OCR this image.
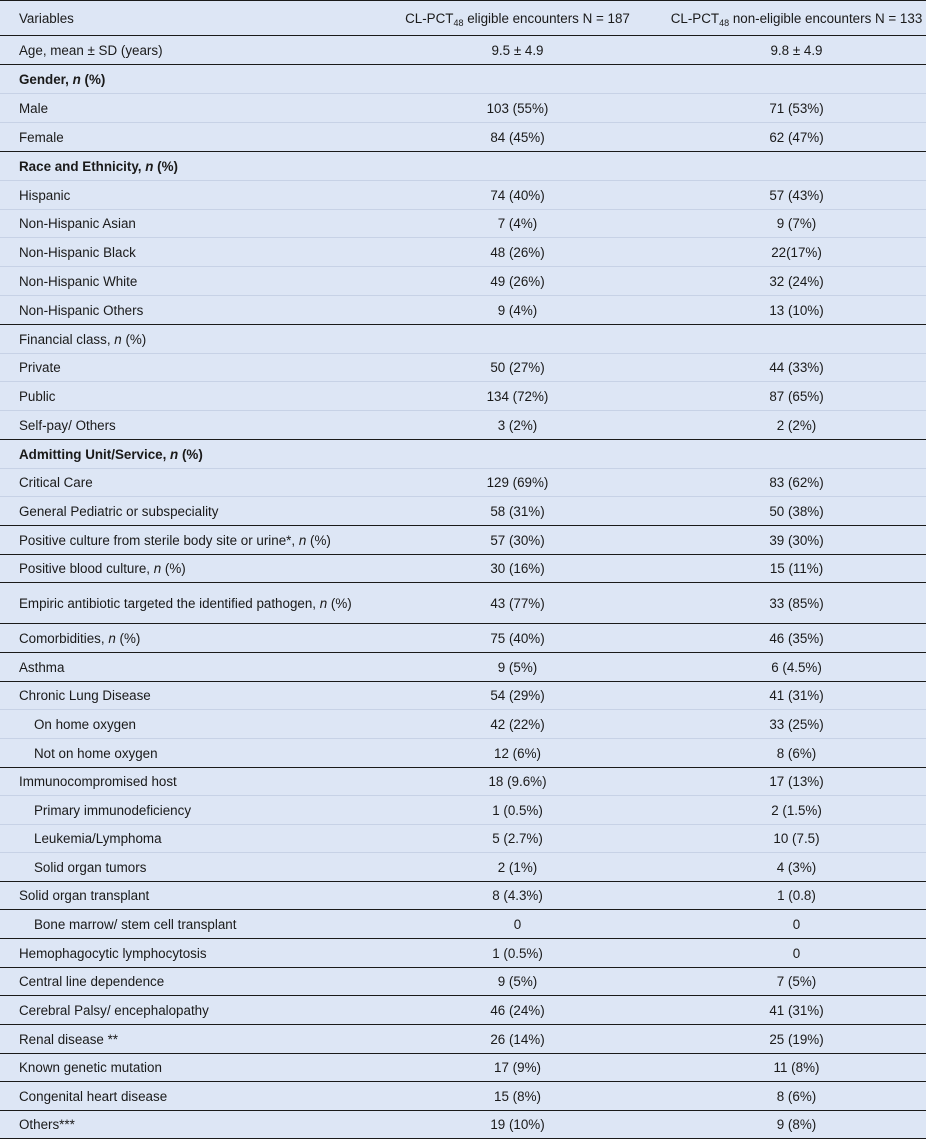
Variables	$CL-PCT_{48}$ eligible encounters N = 187	$CL-PCT_{48}$ non-eligible encounters N = 133
Age, mean ± SD (years)	9.5 ± 4.9	9.8 ± 4.9
Gender, n (%)		
Male	103 (55%)	71 (53%)
Female	84 (45%)	62 (47%)
Race and Ethnicity, n (%)		
Hispanic	74 (40%)	57 (43%)
Non-Hispanic Asian	7 (4%)	9 (7%)
Non-Hispanic Black	48 (26%)	22(17%)
Non-Hispanic White	49 (26%)	32 (24%)
Non-Hispanic Others	9 (4%)	13 (10%)
Financial class, n (%)		
Private	50 (27%)	44 (33%)
Public	134 (72%)	87 (65%)
Self-pay/ Others	3 (2%)	2 (2%)
Admitting Unit/Service, n (%)		
Critical Care	129 (69%)	83 (62%)
General Pediatric or subspeciality	58 (31%)	50 (38%)
Positive culture from sterile body site or urine*, n (%)	57 (30%)	39 (30%)
Positive blood culture, n (%)	30 (16%)	15 (11%)

Empiric antibiotic targeted the identified pathogen, n (%)	43 (77%)	33 (85%)
Comorbidities, n (%)	75 (40%)	46 (35%)
Asthma	9 (5%)	6 (4.5%)
Chronic Lung Disease	54 (29%)	41 (31%)
On home oxygen	42 (22%)	33 (25%)
Not on home oxygen	12 (6%)	8 (6%)
Immunocompromised host	18 (9.6%)	17 (13%)
Primary immunodeficiency	1 (0.5%)	2 (1.5%)
Leukemia/Lymphoma	5 (2.7%)	10 (7.5)
Solid organ tumors	2 (1%)	4 (3%)
Solid organ transplant	8 (4.3%)	1 (0.8)
Bone marrow/ stem cell transplant	0	0
Hemophagocytic lymphocytosis	1 (0.5%)	0
Central line dependence	9 (5%)	7 (5%)
Cerebral Palsy/ encephalopathy	46 (24%)	41 (31%)
Renal disease **	26 (14%)	25 (19%)
Known genetic mutation	17 (9%)	11 (8%)
Congenital heart disease	15 (8%)	8 (6%)
Others***	19 (10%)	9 (8%)
